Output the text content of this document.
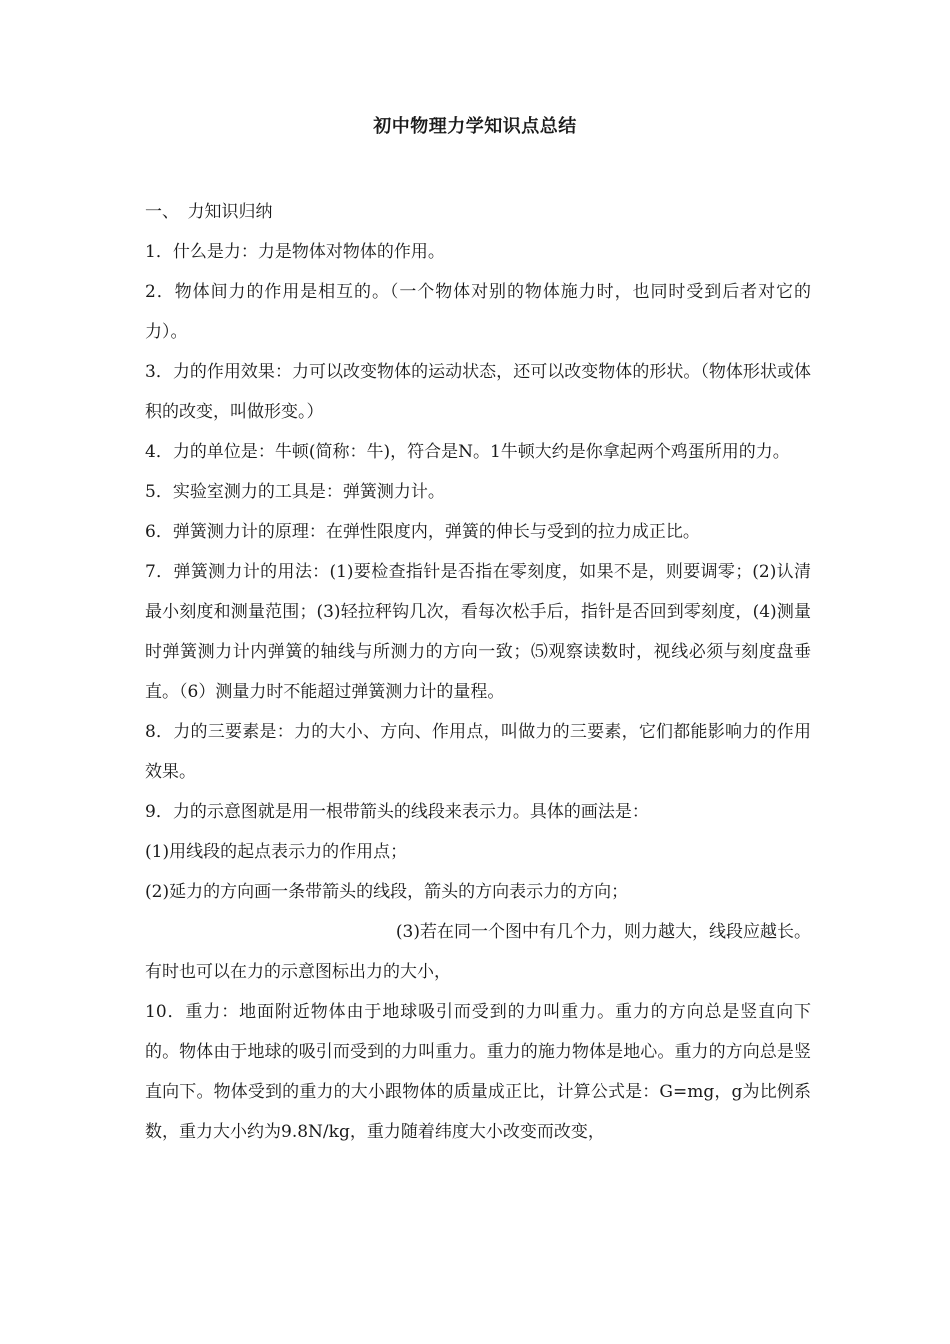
初中物理力学知识点总结

一、　力知识归纳

1．什么是力：力是物体对物体的作用。

2．物体间力的作用是相互的。（一个物体对别的物体施力时，也同时受到后者对它的力）。

3．力的作用效果：力可以改变物体的运动状态，还可以改变物体的形状。（物体形状或体积的改变，叫做形变。）

4．力的单位是：牛顿(简称：牛)，符合是N。1牛顿大约是你拿起两个鸡蛋所用的力。

5．实验室测力的工具是：弹簧测力计。

6．弹簧测力计的原理：在弹性限度内，弹簧的伸长与受到的拉力成正比。

7．弹簧测力计的用法：(1)要检查指针是否指在零刻度，如果不是，则要调零；(2)认清最小刻度和测量范围；(3)轻拉秤钩几次，看每次松手后，指针是否回到零刻度，(4)测量时弹簧测力计内弹簧的轴线与所测力的方向一致；⑸观察读数时，视线必须与刻度盘垂直。（6）测量力时不能超过弹簧测力计的量程。

8．力的三要素是：力的大小、方向、作用点，叫做力的三要素，它们都能影响力的作用效果。

9．力的示意图就是用一根带箭头的线段来表示力。具体的画法是：

(1)用线段的起点表示力的作用点；

(2)延力的方向画一条带箭头的线段，箭头的方向表示力的方向；

(3)若在同一个图中有几个力，则力越大，线段应越长。

有时也可以在力的示意图标出力的大小，

10．重力：地面附近物体由于地球吸引而受到的力叫重力。重力的方向总是竖直向下的。物体由于地球的吸引而受到的力叫重力。重力的施力物体是地心。重力的方向总是竖直向下。物体受到的重力的大小跟物体的质量成正比，计算公式是：G=mg，g为比例系数，重力大小约为9.8N/kg，重力随着纬度大小改变而改变，
